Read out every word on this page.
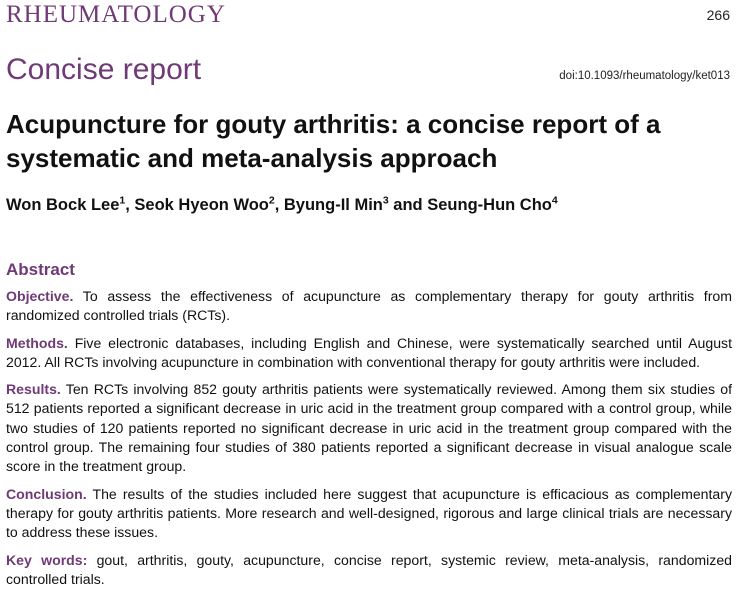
RHEUMATOLOGY	266
Concise report	doi:10.1093/rheumatology/ket013
Acupuncture for gouty arthritis: a concise report of a systematic and meta-analysis approach
Won Bock Lee$^1$, Seok Hyeon Woo$^2$, Byung-Il Min$^3$ and Seung-Hun Cho$^4$
Abstract

Objective. To assess the effectiveness of acupuncture as complementary therapy for gouty arthritis from randomized controlled trials (RCTs).

Methods. Five electronic databases, including English and Chinese, were systematically searched until August 2012. All RCTs involving acupuncture in combination with conventional therapy for gouty arthritis were included.

Results. Ten RCTs involving 852 gouty arthritis patients were systematically reviewed. Among them six studies of 512 patients reported a significant decrease in uric acid in the treatment group compared with a control group, while two studies of 120 patients reported no significant decrease in uric acid in the treatment group compared with the control group. The remaining four studies of 380 patients reported a significant decrease in visual analogue scale score in the treatment group.

Conclusion. The results of the studies included here suggest that acupuncture is efficacious as complementary therapy for gouty arthritis patients. More research and well-designed, rigorous and large clinical trials are necessary to address these issues.

Key words: gout, arthritis, gouty, acupuncture, concise report, systemic review, meta-analysis, randomized controlled trials.
